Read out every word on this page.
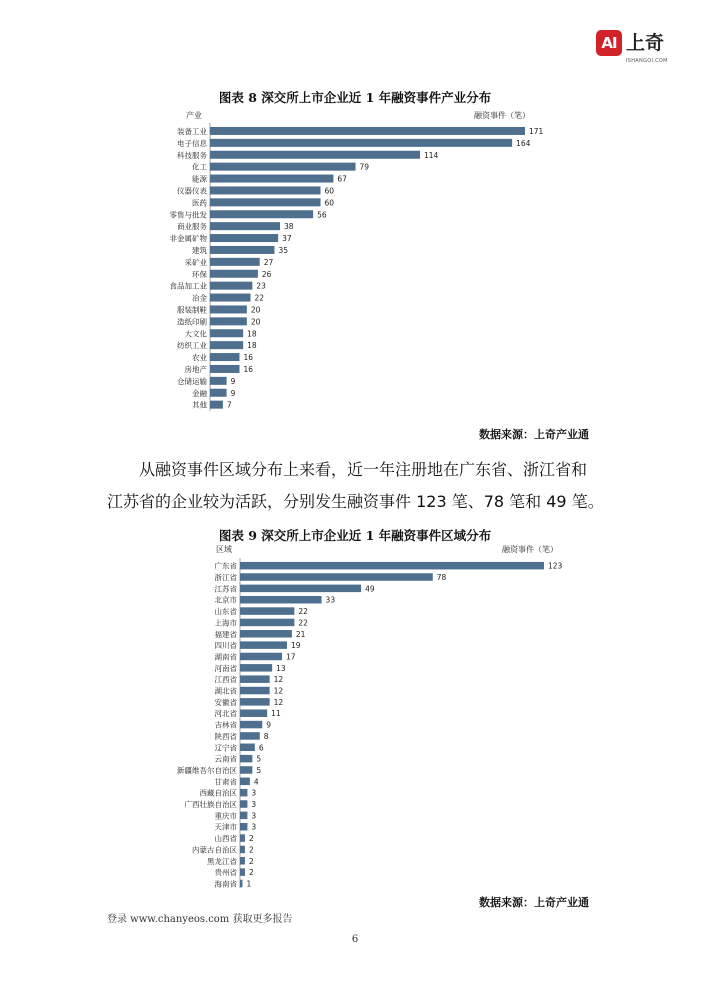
AI 上奇
ISHANGQI.COM
图表 8 深交所上市企业近 1 年融资事件产业分布
产业	融资事件（笔）
装备工业	171
电子信息	164
科技服务	114
化工	79
能源	67
仪器仪表	60
医药	60
零售与批发	56
商业服务	38
非金属矿物	37
建筑	35
采矿业	27
环保	26
食品加工业	23
冶金	22
服装制鞋	20
造纸印刷	20
大文化	18
纺织工业	18
农业	16
房地产	16
仓储运输	9
金融	9
其他	7
数据来源：上奇产业通
从融资事件区域分布上来看，近一年注册地在广东省、浙江省和
江苏省的企业较为活跃，分别发生融资事件 123 笔、78 笔和 49 笔。
图表 9 深交所上市企业近 1 年融资事件区域分布
区域	融资事件（笔）
广东省	123
浙江省	78
江苏省	49
北京市	33
山东省	22
上海市	22
福建省	21
四川省	19
湖南省	17
河南省	13
江西省	12
湖北省	12
安徽省	12
河北省	11
吉林省	9
陕西省	8
辽宁省	6
云南省	5
新疆维吾尔自治区	5
甘肃省 4
西藏自治区 3
广西壮族自治区 3
重庆市 3
天津市 3
山西省 2
内蒙古自治区 2
黑龙江省 2
贵州省 2
海南省 1
数据来源：上奇产业通
登录 www.chanyeos.com 获取更多报告
6
